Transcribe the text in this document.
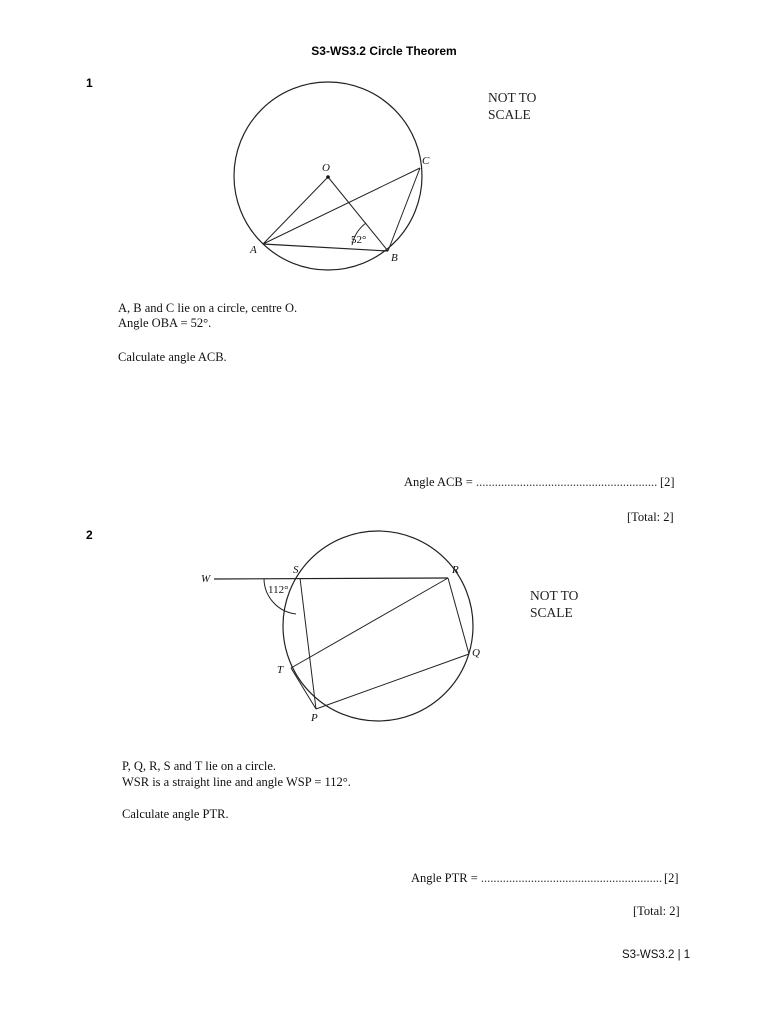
S3-WS3.2 Circle Theorem
1
O
A
B
C
52°
NOT TO
SCALE
A, B and C lie on a circle, centre O.
Angle OBA = 52°.
Calculate angle ACB.
Angle ACB = .......................................................... [2]
[Total: 2]
2
W
S	R
Q
T
P
112°	NOT TO
SCALE
P, Q, R, S and T lie on a circle.
WSR is a straight line and angle WSP = 112°.
Calculate angle PTR.
Angle PTR = .......................................................... [2]
[Total: 2]
S3-WS3.2 | 1
